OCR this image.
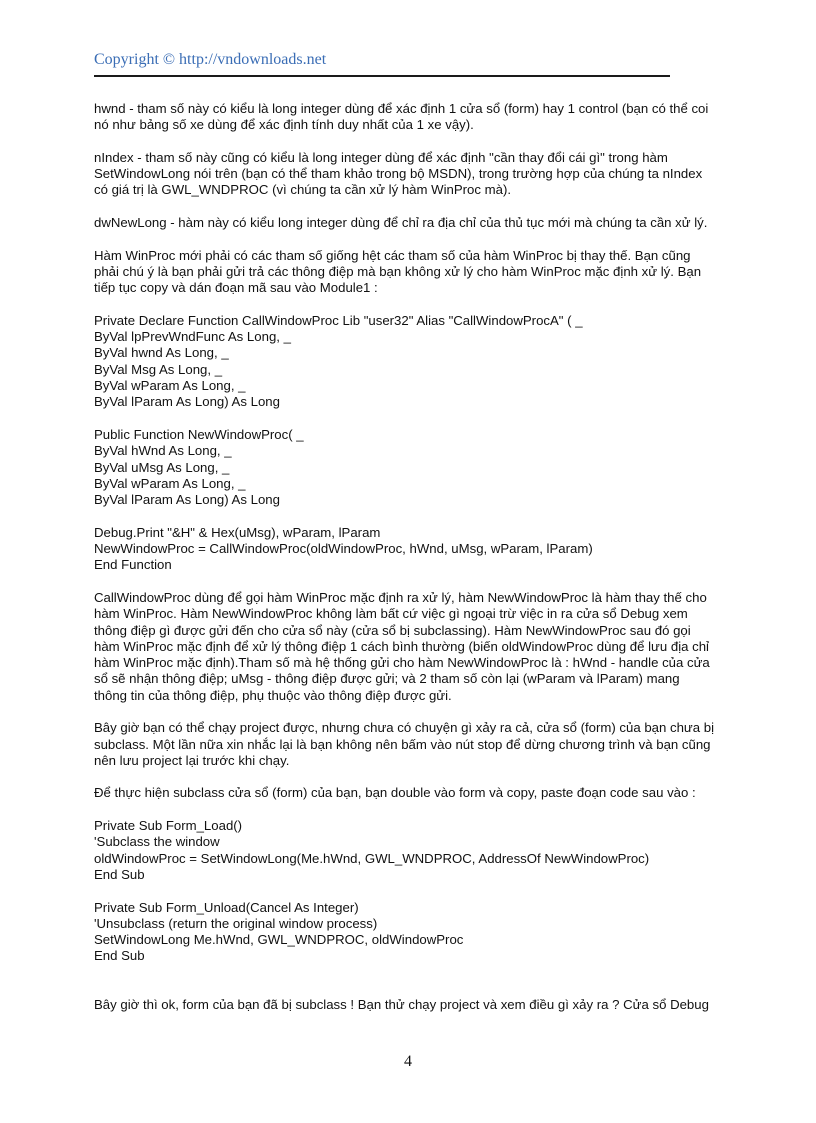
Copyright © http://vndownloads.net
hwnd - tham số này có kiểu là long integer dùng để xác định 1 cửa sổ (form) hay 1 control (bạn có thể coi
nó như bảng số xe dùng để xác định tính duy nhất của 1 xe vậy).
nIndex - tham số này cũng có kiểu là long integer dùng để xác định "cần thay đổi cái gì" trong hàm
SetWindowLong nói trên (bạn có thể tham khảo trong bộ MSDN), trong trường hợp của chúng ta nIndex
có giá trị là GWL_WNDPROC (vì chúng ta cần xử lý hàm WinProc mà).
dwNewLong - hàm này có kiểu long integer dùng để chỉ ra địa chỉ của thủ tục mới mà chúng ta cần xử lý.
Hàm WinProc mới phải có các tham số giống hệt các tham số của hàm WinProc bị thay thế. Bạn cũng
phải chú ý là bạn phải gửi trả các thông điệp mà bạn không xử lý cho hàm WinProc mặc định xử lý. Bạn
tiếp tục copy và dán đoạn mã sau vào Module1 :
Private Declare Function CallWindowProc Lib "user32" Alias "CallWindowProcA" ( _
ByVal lpPrevWndFunc As Long, _
ByVal hwnd As Long, _
ByVal Msg As Long, _
ByVal wParam As Long, _
ByVal lParam As Long) As Long
Public Function NewWindowProc( _
ByVal hWnd As Long, _
ByVal uMsg As Long, _
ByVal wParam As Long, _
ByVal lParam As Long) As Long
Debug.Print "&H" & Hex(uMsg), wParam, lParam
NewWindowProc = CallWindowProc(oldWindowProc, hWnd, uMsg, wParam, lParam)
End Function
CallWindowProc dùng để gọi hàm WinProc mặc định ra xử lý, hàm NewWindowProc là hàm thay thế cho
hàm WinProc. Hàm NewWindowProc không làm bất cứ việc gì ngoại trừ việc in ra cửa sổ Debug xem
thông điệp gì được gửi đến cho cửa sổ này (cửa sổ bị subclassing). Hàm NewWindowProc sau đó gọi
hàm WinProc mặc định để xử lý thông điệp 1 cách bình thường (biến oldWindowProc dùng để lưu địa chỉ
hàm WinProc mặc định).Tham số mà hệ thống gửi cho hàm NewWindowProc là : hWnd - handle của cửa
sổ sẽ nhận thông điệp; uMsg - thông điệp được gửi; và 2 tham số còn lại (wParam và lParam) mang
thông tin của thông điệp, phụ thuộc vào thông điệp được gửi.
Bây giờ bạn có thể chạy project được, nhưng chưa có chuyện gì xảy ra cả, cửa sổ (form) của bạn chưa bị
subclass. Một lần nữa xin nhắc lại là bạn không nên bấm vào nút stop để dừng chương trình và bạn cũng
nên lưu project lại trước khi chạy.
Để thực hiện subclass cửa sổ (form) của bạn, bạn double vào form và copy, paste đoạn code sau vào :
Private Sub Form_Load()
'Subclass the window
oldWindowProc = SetWindowLong(Me.hWnd, GWL_WNDPROC, AddressOf NewWindowProc)
End Sub
Private Sub Form_Unload(Cancel As Integer)
'Unsubclass (return the original window process)
SetWindowLong Me.hWnd, GWL_WNDPROC, oldWindowProc
End Sub
Bây giờ thì ok, form của bạn đã bị subclass ! Bạn thử chạy project và xem điều gì xảy ra ? Cửa sổ Debug
4
